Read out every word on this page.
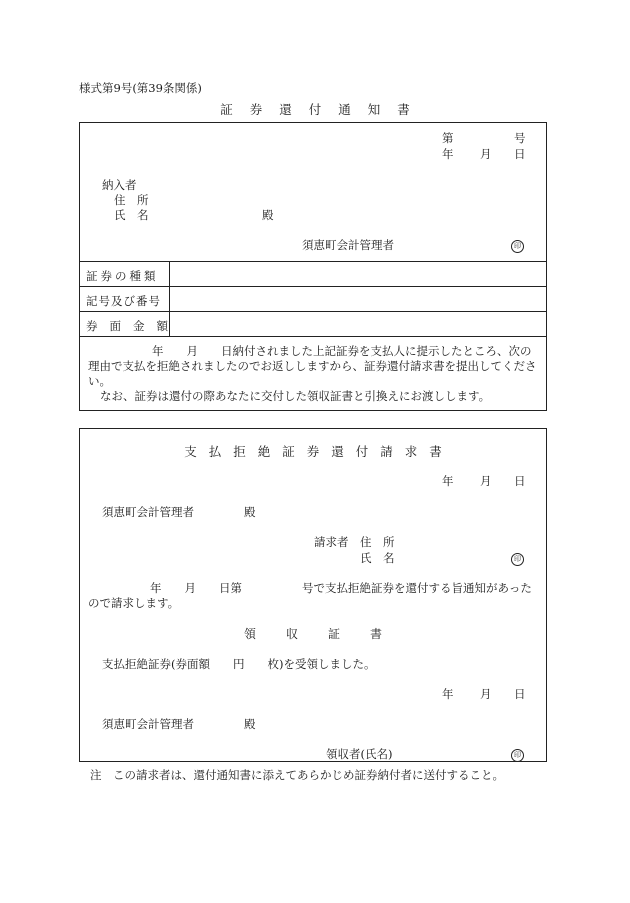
様式第9号(第39条関係)
証券還付通知書
第	号
年 月 日
納入者
住　所
氏　名	殿
須恵町会計管理者	印
証券の種類
記号及び番号
券面金額
年　　月　　日納付されました上記証券を支払人に提示したところ、次の理由で支払を拒絶されましたのでお返ししますから、証券還付請求書を提出してください。
なお、証券は還付の際あなたに交付した領収証書と引換えにお渡しします。
支払拒絶証券還付請求書
年 月 日
須恵町会計管理者	殿
請求者 住　所
氏　名	印
年　　月　　日第	号で支払拒絶証券を還付する旨通知があった
ので請求します。
領収証書
支払拒絶証券(券面額　　円　　枚)を受領しました。
年 月 日
須恵町会計管理者	殿
領収者(氏名)	印
注　この請求者は、還付通知書に添えてあらかじめ証券納付者に送付すること。
